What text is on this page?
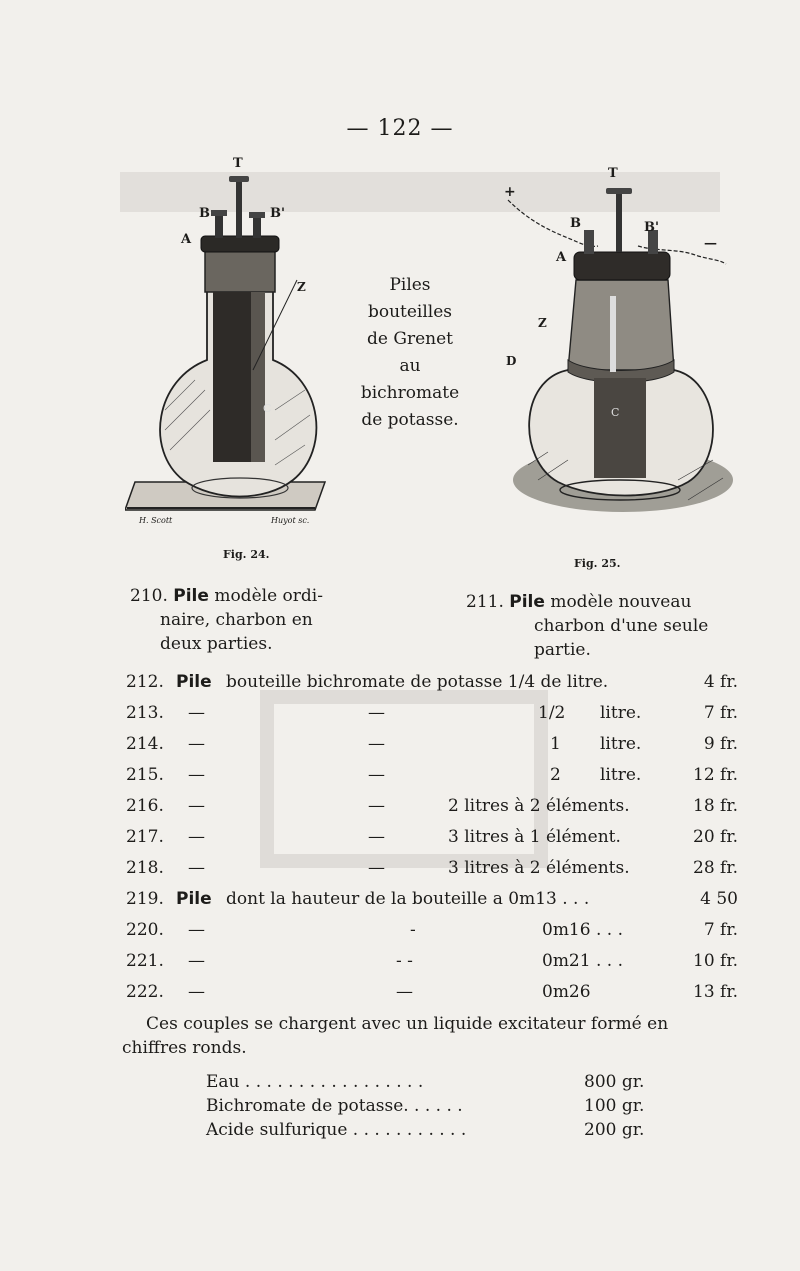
— 122 —
T
B	B'
A
Z
C
H. Scott	Huyot sc.
Fig. 24.
Piles
bouteilles
de Grenet
au
bichromate
de potasse.
+
T
B	B'
—
A
Z
D
C
Fig. 25.
210. Pile modèle ordi-
naire, charbon en
deux parties.
211. Pile modèle nouveau
charbon d'une seule
partie.
212. Pile bouteille bichromate de potasse 1/4 de litre.	4 fr.
213. —	—	1/2 litre.	7 fr.
214. —	—	1 litre.	9 fr.
215. —	—	2 litre.	12 fr.
216. —	—	2 litres à 2 éléments.	18 fr.
217. —	—	3 litres à 1 élément.	20 fr.
218. —	—	3 litres à 2 éléments.	28 fr.
219. Pile dont la hauteur de la bouteille a 0m13 . . .	4 50
220. —	-	0m16 . . .	7 fr.
221. —	- -	0m21 . . .	10 fr.
222. —	—	0m26	13 fr.
Ces couples se chargent avec un liquide excitateur formé en
chiffres ronds.
Eau . . . . . . . . . . . . . . . . .	800 gr.
Bichromate de potasse. . . . . .	100 gr.
Acide sulfurique . . . . . . . . . . .	200 gr.
